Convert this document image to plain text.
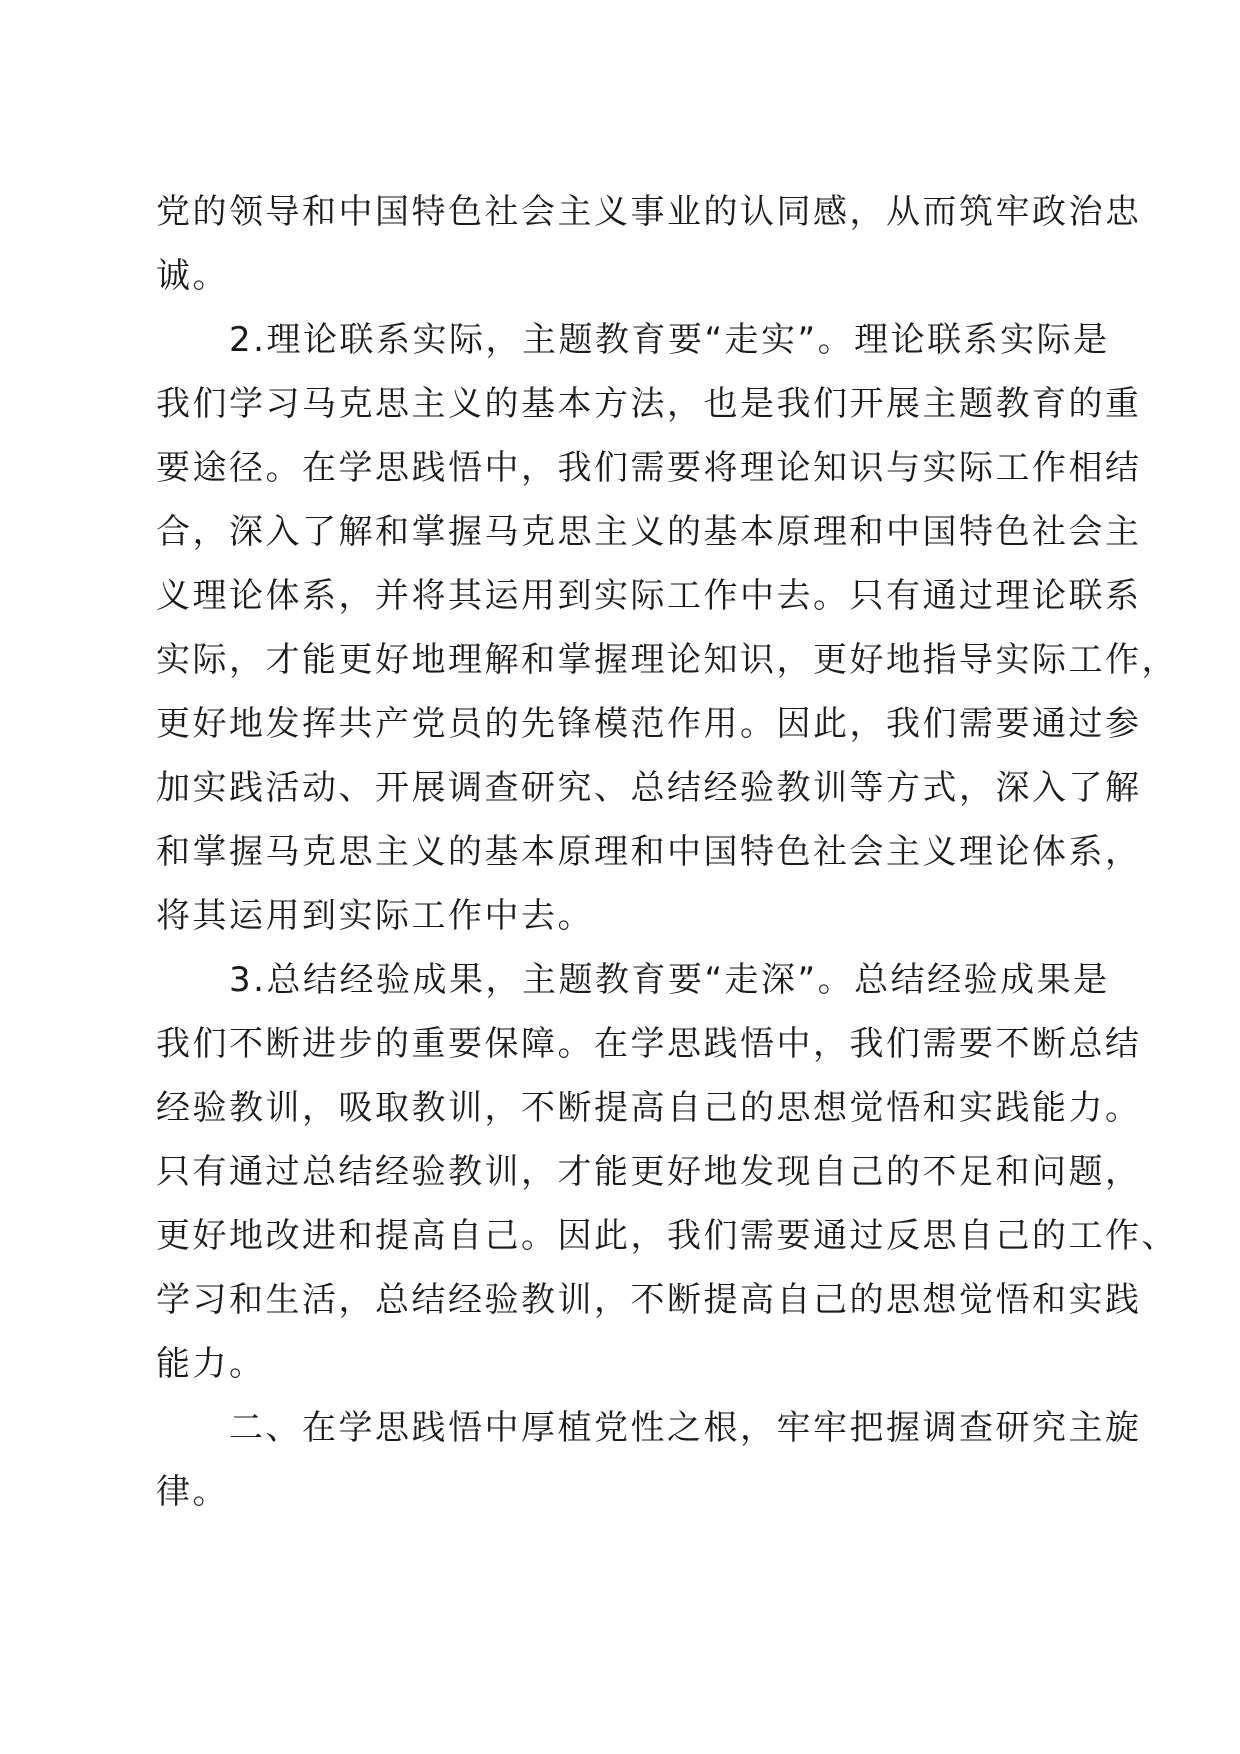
党的领导和中国特色社会主义事业的认同感，从而筑牢政治忠
诚。
　　2.理论联系实际，主题教育要“走实”。理论联系实际是
我们学习马克思主义的基本方法，也是我们开展主题教育的重
要途径。在学思践悟中，我们需要将理论知识与实际工作相结
合，深入了解和掌握马克思主义的基本原理和中国特色社会主
义理论体系，并将其运用到实际工作中去。只有通过理论联系
实际，才能更好地理解和掌握理论知识，更好地指导实际工作，
更好地发挥共产党员的先锋模范作用。因此，我们需要通过参
加实践活动、开展调查研究、总结经验教训等方式，深入了解
和掌握马克思主义的基本原理和中国特色社会主义理论体系，
将其运用到实际工作中去。
　　3.总结经验成果，主题教育要“走深”。总结经验成果是
我们不断进步的重要保障。在学思践悟中，我们需要不断总结
经验教训，吸取教训，不断提高自己的思想觉悟和实践能力。
只有通过总结经验教训，才能更好地发现自己的不足和问题，
更好地改进和提高自己。因此，我们需要通过反思自己的工作、
学习和生活，总结经验教训，不断提高自己的思想觉悟和实践
能力。
　　二、在学思践悟中厚植党性之根，牢牢把握调查研究主旋
律。
